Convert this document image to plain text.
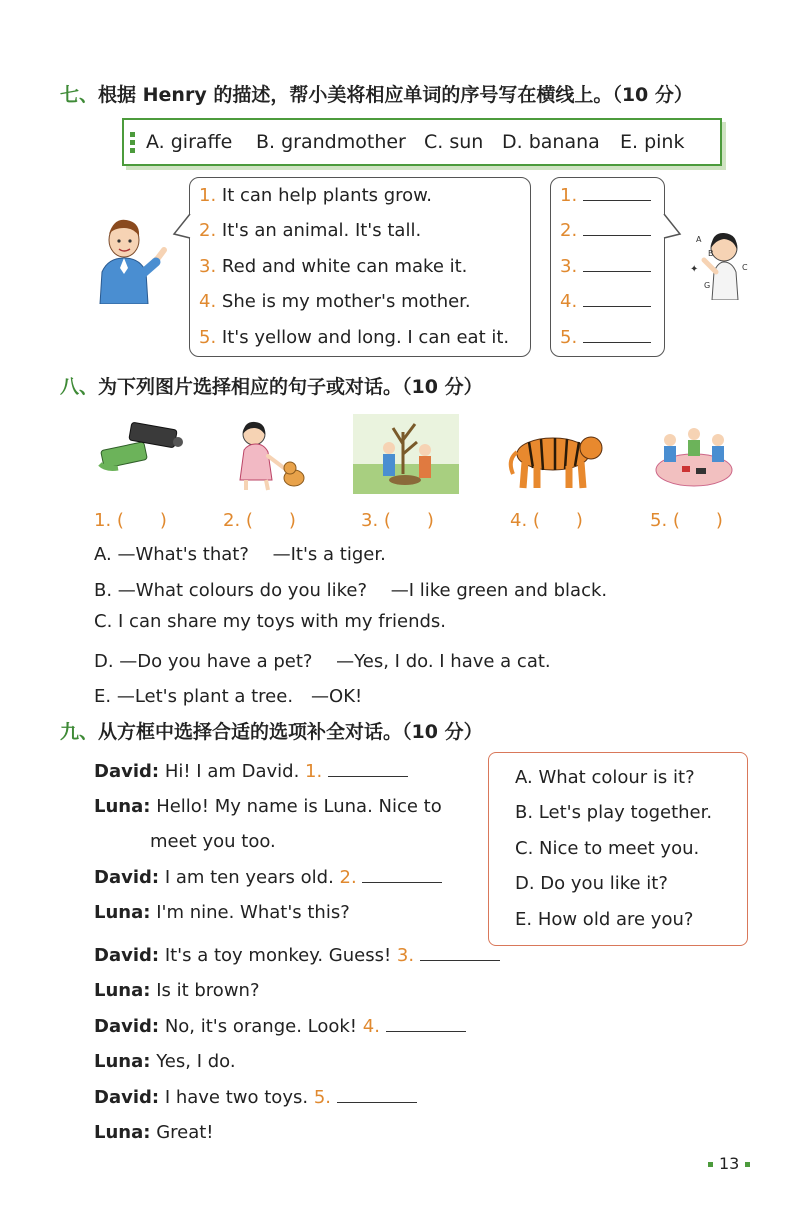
七、根据 Henry 的描述，帮小美将相应单词的序号写在横线上。（10 分）
A. giraffe B. grandmother C. sun D. banana E. pink
1. It can help plants grow.
2. It's an animal. It's tall.
3. Red and white can make it.
4. She is my mother's mother.
5. It's yellow and long. I can eat it.
1.
2.
3.
4.
5.
A
B
C
G
✦
八、为下列图片选择相应的句子或对话。（10 分）
1. (　　)	2. (　　)	3. (　　)	4. (　　)	5. (　　)
A. —What's that?　 —It's a tiger.
B. —What colours do you like?　 —I like green and black.
C. I can share my toys with my friends.
D. —Do you have a pet?　 —Yes, I do. I have a cat.
E. —Let's plant a tree.　—OK!
九、从方框中选择合适的选项补全对话。（10 分）
David: Hi! I am David. 1.
Luna: Hello! My name is Luna. Nice to
meet you too.
David: I am ten years old. 2.
Luna: I'm nine. What's this?
David: It's a toy monkey. Guess! 3.
Luna: Is it brown?
David: No, it's orange. Look! 4.
Luna: Yes, I do.
David: I have two toys. 5.
Luna: Great!
A. What colour is it?
B. Let's play together.
C. Nice to meet you.
D. Do you like it?
E. How old are you?
13
